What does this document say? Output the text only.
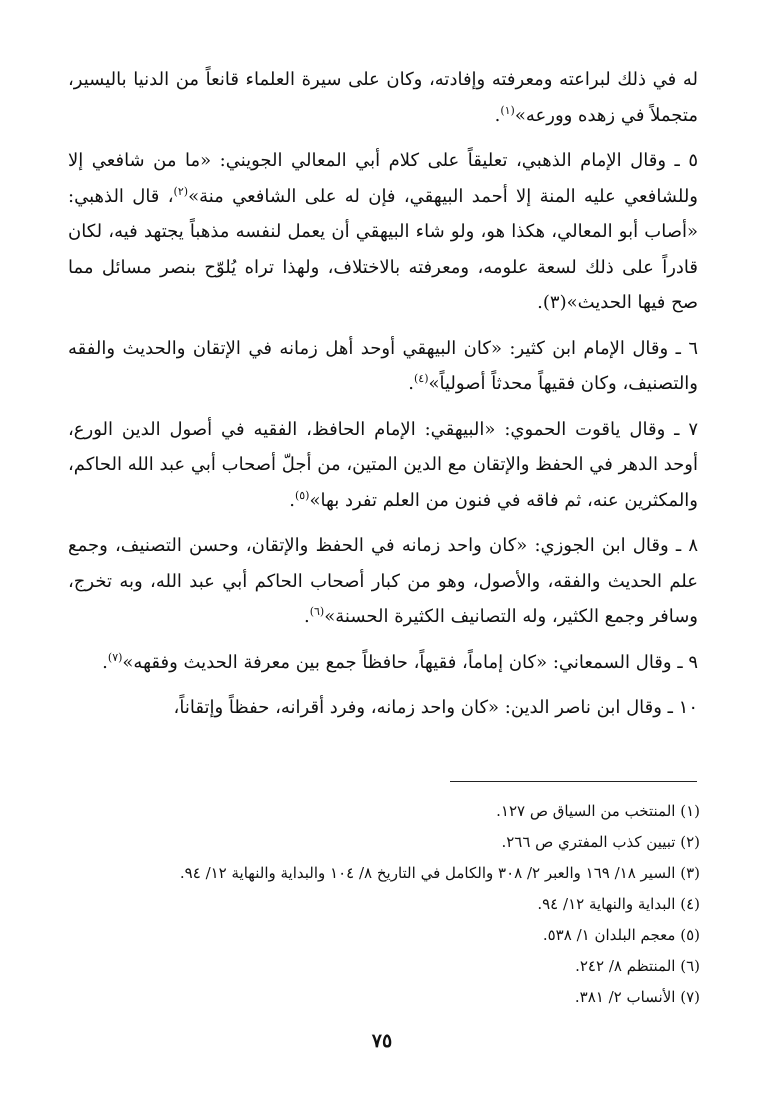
له في ذلك لبراعته ومعرفته وإفادته، وكان على سيرة العلماء قانعاً من الدنيا باليسير، متجملاً في زهده وورعه»$^{(١)}$.

٥ ـ وقال الإمام الذهبي، تعليقاً على كلام أبي المعالي الجويني: «ما من شافعي إلا وللشافعي عليه المنة إلا أحمد البيهقي، فإن له على الشافعي منة»$^{(٢)}$، قال الذهبي: «أصاب أبو المعالي، هكذا هو، ولو شاء البيهقي أن يعمل لنفسه مذهباً يجتهد فيه، لكان قادراً على ذلك لسعة علومه، ومعرفته بالاختلاف، ولهذا تراه يُلوّح بنصر مسائل مما صح فيها الحديث»(٣).

٦ ـ وقال الإمام ابن كثير: «كان البيهقي أوحد أهل زمانه في الإتقان والحديث والفقه والتصنيف، وكان فقيهاً محدثاً أصولياً»$^{(٤)}$.

٧ ـ وقال ياقوت الحموي: «البيهقي: الإمام الحافظ، الفقيه في أصول الدين الورع، أوحد الدهر في الحفظ والإتقان مع الدين المتين، من أجلّ أصحاب أبي عبد الله الحاكم، والمكثرين عنه، ثم فاقه في فنون من العلم تفرد بها»$^{(٥)}$.

٨ ـ وقال ابن الجوزي: «كان واحد زمانه في الحفظ والإتقان، وحسن التصنيف، وجمع علم الحديث والفقه، والأصول، وهو من كبار أصحاب الحاكم أبي عبد الله، وبه تخرج، وسافر وجمع الكثير، وله التصانيف الكثيرة الحسنة»$^{(٦)}$.

٩ ـ وقال السمعاني: «كان إماماً، فقيهاً، حافظاً جمع بين معرفة الحديث وفقهه»$^{(٧)}$.

١٠ ـ وقال ابن ناصر الدين: «كان واحد زمانه، وفرد أقرانه، حفظاً وإتقاناً،

(١) المنتخب من السياق ص ١٢٧.
(٢) تبيين كذب المفتري ص ٢٦٦.
(٣) السير ١٨/ ١٦٩ والعبر ٢/ ٣٠٨ والكامل في التاريخ ٨/ ١٠٤ والبداية والنهاية ١٢/ ٩٤.
(٤) البداية والنهاية ١٢/ ٩٤.
(٥) معجم البلدان ١/ ٥٣٨.
(٦) المنتظم ٨/ ٢٤٢.
(٧) الأنساب ٢/ ٣٨١.
٧٥
